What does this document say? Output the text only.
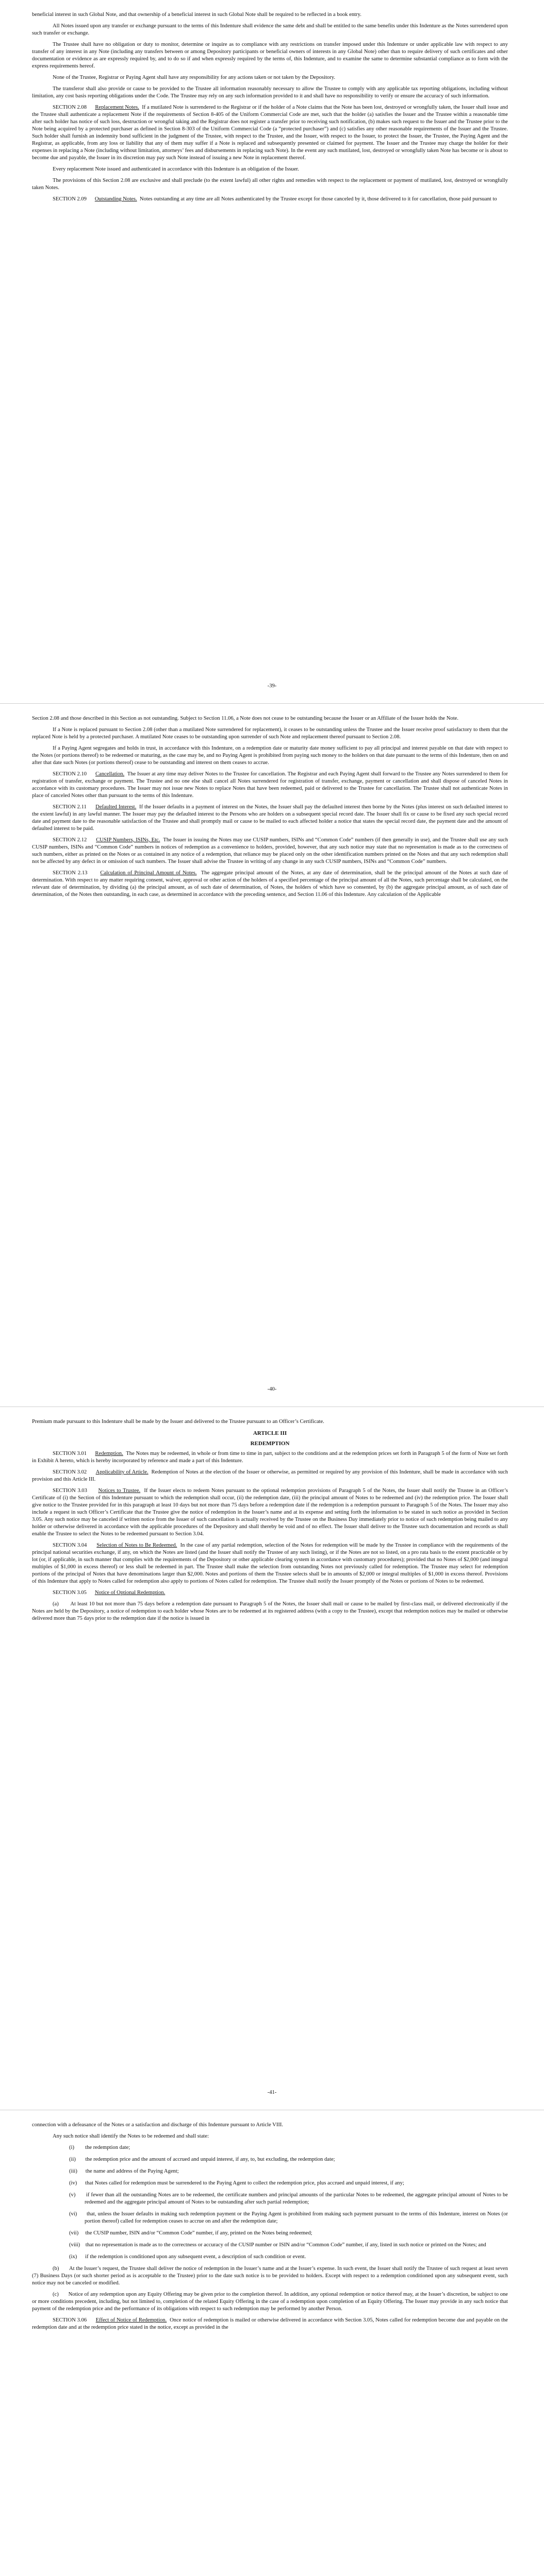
beneficial interest in such Global Note, and that ownership of a beneficial interest in such Global Note shall be required to be reflected in a book entry.

All Notes issued upon any transfer or exchange pursuant to the terms of this Indenture shall evidence the same debt and shall be entitled to the same benefits under this Indenture as the Notes surrendered upon such transfer or exchange.

The Trustee shall have no obligation or duty to monitor, determine or inquire as to compliance with any restrictions on transfer imposed under this Indenture or under applicable law with respect to any transfer of any interest in any Note (including any transfers between or among Depository participants or beneficial owners of interests in any Global Note) other than to require delivery of such certificates and other documentation or evidence as are expressly required by, and to do so if and when expressly required by the terms of, this Indenture, and to examine the same to determine substantial compliance as to form with the express requirements hereof.

None of the Trustee, Registrar or Paying Agent shall have any responsibility for any actions taken or not taken by the Depository.

The transferor shall also provide or cause to be provided to the Trustee all information reasonably necessary to allow the Trustee to comply with any applicable tax reporting obligations, including without limitation, any cost basis reporting obligations under the Code. The Trustee may rely on any such information provided to it and shall have no responsibility to verify or ensure the accuracy of such information.

SECTION 2.08 Replacement Notes. If a mutilated Note is surrendered to the Registrar or if the holder of a Note claims that the Note has been lost, destroyed or wrongfully taken, the Issuer shall issue and the Trustee shall authenticate a replacement Note if the requirements of Section 8-405 of the Uniform Commercial Code are met, such that the holder (a) satisfies the Issuer and the Trustee within a reasonable time after such holder has notice of such loss, destruction or wrongful taking and the Registrar does not register a transfer prior to receiving such notification, (b) makes such request to the Issuer and the Trustee prior to the Note being acquired by a protected purchaser as defined in Section 8-303 of the Uniform Commercial Code (a “protected purchaser”) and (c) satisfies any other reasonable requirements of the Issuer and the Trustee. Such holder shall furnish an indemnity bond sufficient in the judgment of the Trustee, with respect to the Trustee, and the Issuer, with respect to the Issuer, to protect the Issuer, the Trustee, the Paying Agent and the Registrar, as applicable, from any loss or liability that any of them may suffer if a Note is replaced and subsequently presented or claimed for payment. The Issuer and the Trustee may charge the holder for their expenses in replacing a Note (including without limitation, attorneys’ fees and disbursements in replacing such Note). In the event any such mutilated, lost, destroyed or wrongfully taken Note has become or is about to become due and payable, the Issuer in its discretion may pay such Note instead of issuing a new Note in replacement thereof.

Every replacement Note issued and authenticated in accordance with this Indenture is an obligation of the Issuer.

The provisions of this Section 2.08 are exclusive and shall preclude (to the extent lawful) all other rights and remedies with respect to the replacement or payment of mutilated, lost, destroyed or wrongfully taken Notes.

SECTION 2.09 Outstanding Notes. Notes outstanding at any time are all Notes authenticated by the Trustee except for those canceled by it, those delivered to it for cancellation, those paid pursuant to

-39-

Section 2.08 and those described in this Section as not outstanding. Subject to Section 11.06, a Note does not cease to be outstanding because the Issuer or an Affiliate of the Issuer holds the Note.

If a Note is replaced pursuant to Section 2.08 (other than a mutilated Note surrendered for replacement), it ceases to be outstanding unless the Trustee and the Issuer receive proof satisfactory to them that the replaced Note is held by a protected purchaser. A mutilated Note ceases to be outstanding upon surrender of such Note and replacement thereof pursuant to Section 2.08.

If a Paying Agent segregates and holds in trust, in accordance with this Indenture, on a redemption date or maturity date money sufficient to pay all principal and interest payable on that date with respect to the Notes (or portions thereof) to be redeemed or maturing, as the case may be, and no Paying Agent is prohibited from paying such money to the holders on that date pursuant to the terms of this Indenture, then on and after that date such Notes (or portions thereof) cease to be outstanding and interest on them ceases to accrue.

SECTION 2.10 Cancellation. The Issuer at any time may deliver Notes to the Trustee for cancellation. The Registrar and each Paying Agent shall forward to the Trustee any Notes surrendered to them for registration of transfer, exchange or payment. The Trustee and no one else shall cancel all Notes surrendered for registration of transfer, exchange, payment or cancellation and shall dispose of canceled Notes in accordance with its customary procedures. The Issuer may not issue new Notes to replace Notes that have been redeemed, paid or delivered to the Trustee for cancellation. The Trustee shall not authenticate Notes in place of canceled Notes other than pursuant to the terms of this Indenture.

SECTION 2.11 Defaulted Interest. If the Issuer defaults in a payment of interest on the Notes, the Issuer shall pay the defaulted interest then borne by the Notes (plus interest on such defaulted interest to the extent lawful) in any lawful manner. The Issuer may pay the defaulted interest to the Persons who are holders on a subsequent special record date. The Issuer shall fix or cause to be fixed any such special record date and payment date to the reasonable satisfaction of the Trustee and shall promptly mail or cause to be mailed to each affected holder a notice that states the special record date, the payment date and the amount of defaulted interest to be paid.

SECTION 2.12 CUSIP Numbers, ISINs, Etc. The Issuer in issuing the Notes may use CUSIP numbers, ISINs and “Common Code” numbers (if then generally in use), and the Trustee shall use any such CUSIP numbers, ISINs and “Common Code” numbers in notices of redemption as a convenience to holders, provided, however, that any such notice may state that no representation is made as to the correctness of such numbers, either as printed on the Notes or as contained in any notice of a redemption, that reliance may be placed only on the other identification numbers printed on the Notes and that any such redemption shall not be affected by any defect in or omission of such numbers. The Issuer shall advise the Trustee in writing of any change in any such CUSIP numbers, ISINs and “Common Code” numbers.

SECTION 2.13 Calculation of Principal Amount of Notes. The aggregate principal amount of the Notes, at any date of determination, shall be the principal amount of the Notes at such date of determination. With respect to any matter requiring consent, waiver, approval or other action of the holders of a specified percentage of the principal amount of all the Notes, such percentage shall be calculated, on the relevant date of determination, by dividing (a) the principal amount, as of such date of determination, of Notes, the holders of which have so consented, by (b) the aggregate principal amount, as of such date of determination, of the Notes then outstanding, in each case, as determined in accordance with the preceding sentence, and Section 11.06 of this Indenture. Any calculation of the Applicable

-40-

Premium made pursuant to this Indenture shall be made by the Issuer and delivered to the Trustee pursuant to an Officer’s Certificate.

ARTICLE III
REDEMPTION

SECTION 3.01 Redemption. The Notes may be redeemed, in whole or from time to time in part, subject to the conditions and at the redemption prices set forth in Paragraph 5 of the form of Note set forth in Exhibit A hereto, which is hereby incorporated by reference and made a part of this Indenture.

SECTION 3.02 Applicability of Article. Redemption of Notes at the election of the Issuer or otherwise, as permitted or required by any provision of this Indenture, shall be made in accordance with such provision and this Article III.

SECTION 3.03 Notices to Trustee. If the Issuer elects to redeem Notes pursuant to the optional redemption provisions of Paragraph 5 of the Notes, the Issuer shall notify the Trustee in an Officer’s Certificate of (i) the Section of this Indenture pursuant to which the redemption shall occur, (ii) the redemption date, (iii) the principal amount of Notes to be redeemed and (iv) the redemption price. The Issuer shall give notice to the Trustee provided for in this paragraph at least 10 days but not more than 75 days before a redemption date if the redemption is a redemption pursuant to Paragraph 5 of the Notes. The Issuer may also include a request in such Officer’s Certificate that the Trustee give the notice of redemption in the Issuer’s name and at its expense and setting forth the information to be stated in such notice as provided in Section 3.05. Any such notice may be canceled if written notice from the Issuer of such cancellation is actually received by the Trustee on the Business Day immediately prior to notice of such redemption being mailed to any holder or otherwise delivered in accordance with the applicable procedures of the Depository and shall thereby be void and of no effect. The Issuer shall deliver to the Trustee such documentation and records as shall enable the Trustee to select the Notes to be redeemed pursuant to Section 3.04.

SECTION 3.04 Selection of Notes to Be Redeemed. In the case of any partial redemption, selection of the Notes for redemption will be made by the Trustee in compliance with the requirements of the principal national securities exchange, if any, on which the Notes are listed (and the Issuer shall notify the Trustee of any such listing), or if the Notes are not so listed, on a pro rata basis to the extent practicable or by lot (or, if applicable, in such manner that complies with the requirements of the Depository or other applicable clearing system in accordance with customary procedures); provided that no Notes of $2,000 (and integral multiples of $1,000 in excess thereof) or less shall be redeemed in part. The Trustee shall make the selection from outstanding Notes not previously called for redemption. The Trustee may select for redemption portions of the principal of Notes that have denominations larger than $2,000. Notes and portions of them the Trustee selects shall be in amounts of $2,000 or integral multiples of $1,000 in excess thereof. Provisions of this Indenture that apply to Notes called for redemption also apply to portions of Notes called for redemption. The Trustee shall notify the Issuer promptly of the Notes or portions of Notes to be redeemed.

SECTION 3.05 Notice of Optional Redemption.

(a)       At least 10 but not more than 75 days before a redemption date pursuant to Paragraph 5 of the Notes, the Issuer shall mail or cause to be mailed by first-class mail, or delivered electronically if the Notes are held by the Depository, a notice of redemption to each holder whose Notes are to be redeemed at its registered address (with a copy to the Trustee), except that redemption notices may be mailed or otherwise delivered more than 75 days prior to the redemption date if the notice is issued in

-41-

connection with a defeasance of the Notes or a satisfaction and discharge of this Indenture pursuant to Article VIII.

Any such notice shall identify the Notes to be redeemed and shall state:

(i)        the redemption date;
(ii)       the redemption price and the amount of accrued and unpaid interest, if any, to, but excluding, the redemption date;
(iii)      the name and address of the Paying Agent;
(iv)      that Notes called for redemption must be surrendered to the Paying Agent to collect the redemption price, plus accrued and unpaid interest, if any;
(v)       if fewer than all the outstanding Notes are to be redeemed, the certificate numbers and principal amounts of the particular Notes to be redeemed, the aggregate principal amount of Notes to be redeemed and the aggregate principal amount of Notes to be outstanding after such partial redemption;
(vi)      that, unless the Issuer defaults in making such redemption payment or the Paying Agent is prohibited from making such payment pursuant to the terms of this Indenture, interest on Notes (or portion thereof) called for redemption ceases to accrue on and after the redemption date;
(vii)     the CUSIP number, ISIN and/or “Common Code” number, if any, printed on the Notes being redeemed;
(viii)    that no representation is made as to the correctness or accuracy of the CUSIP number or ISIN and/or “Common Code” number, if any, listed in such notice or printed on the Notes; and
(ix)      if the redemption is conditioned upon any subsequent event, a description of such condition or event.

(b)       At the Issuer’s request, the Trustee shall deliver the notice of redemption in the Issuer’s name and at the Issuer’s expense. In such event, the Issuer shall notify the Trustee of such request at least seven (7) Business Days (or such shorter period as is acceptable to the Trustee) prior to the date such notice is to be provided to holders. Except with respect to a redemption conditioned upon any subsequent event, such notice may not be canceled or modified.

(c)       Notice of any redemption upon any Equity Offering may be given prior to the completion thereof. In addition, any optional redemption or notice thereof may, at the Issuer’s discretion, be subject to one or more conditions precedent, including, but not limited to, completion of the related Equity Offering in the case of a redemption upon completion of an Equity Offering. The Issuer may provide in any such notice that payment of the redemption price and the performance of its obligations with respect to such redemption may be performed by another Person.

SECTION 3.06 Effect of Notice of Redemption. Once notice of redemption is mailed or otherwise delivered in accordance with Section 3.05, Notes called for redemption become due and payable on the redemption date and at the redemption price stated in the notice, except as provided in the
